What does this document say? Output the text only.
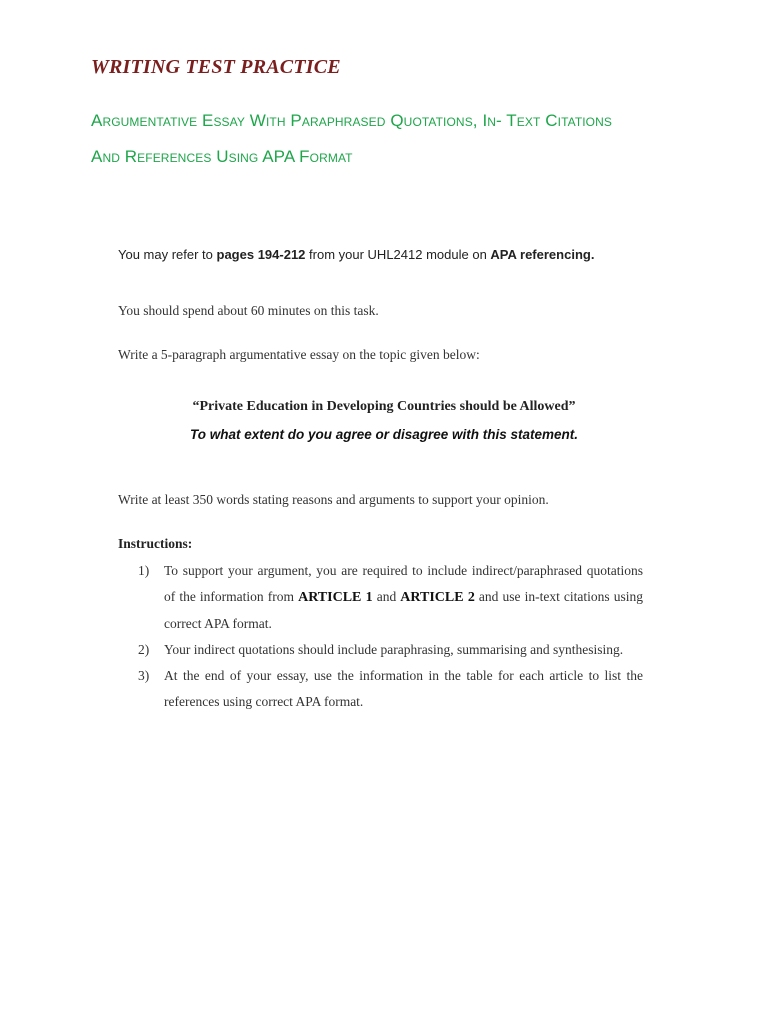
WRITING TEST PRACTICE
Argumentative Essay With Paraphrased Quotations, In- Text Citations
And References Using APA Format
You may refer to pages 194-212 from your UHL2412 module on APA referencing.
You should spend about 60 minutes on this task.
Write a 5-paragraph argumentative essay on the topic given below:
“Private Education in Developing Countries should be Allowed”
To what extent do you agree or disagree with this statement.
Write at least 350 words stating reasons and arguments to support your opinion.
Instructions:
1)	To support your argument, you are required to include indirect/paraphrased quotations of the information from ARTICLE 1 and ARTICLE 2 and use in-text citations using correct APA format.
2)	Your indirect quotations should include paraphrasing, summarising and synthesising.
3)	At the end of your essay, use the information in the table for each article to list the references using correct APA format.
